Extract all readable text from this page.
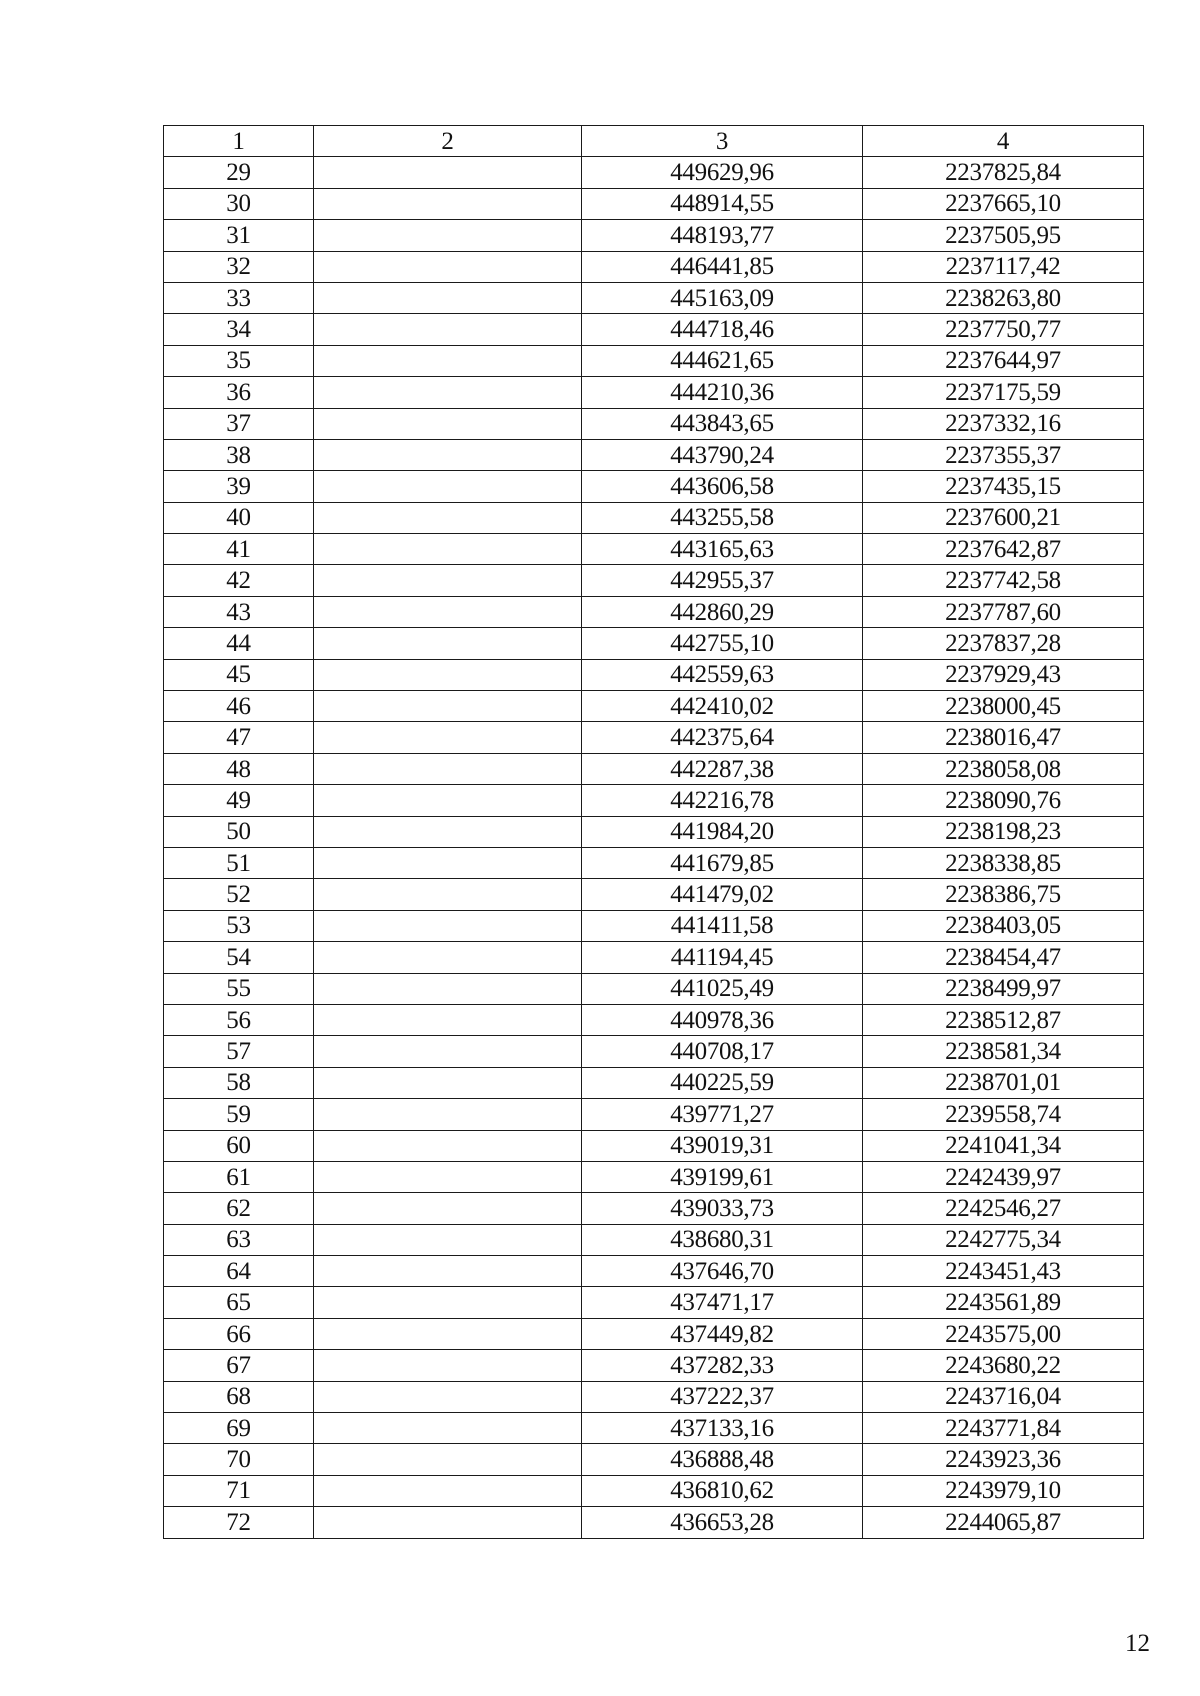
1	2	3	4
29		449629,96	2237825,84
30		448914,55	2237665,10
31		448193,77	2237505,95
32		446441,85	2237117,42
33		445163,09	2238263,80
34		444718,46	2237750,77
35		444621,65	2237644,97
36		444210,36	2237175,59
37		443843,65	2237332,16
38		443790,24	2237355,37
39		443606,58	2237435,15
40		443255,58	2237600,21
41		443165,63	2237642,87
42		442955,37	2237742,58
43		442860,29	2237787,60
44		442755,10	2237837,28
45		442559,63	2237929,43
46		442410,02	2238000,45
47		442375,64	2238016,47
48		442287,38	2238058,08
49		442216,78	2238090,76
50		441984,20	2238198,23
51		441679,85	2238338,85
52		441479,02	2238386,75
53		441411,58	2238403,05
54		441194,45	2238454,47
55		441025,49	2238499,97
56		440978,36	2238512,87
57		440708,17	2238581,34
58		440225,59	2238701,01
59		439771,27	2239558,74
60		439019,31	2241041,34
61		439199,61	2242439,97
62		439033,73	2242546,27
63		438680,31	2242775,34
64		437646,70	2243451,43
65		437471,17	2243561,89
66		437449,82	2243575,00
67		437282,33	2243680,22
68		437222,37	2243716,04
69		437133,16	2243771,84
70		436888,48	2243923,36
71		436810,62	2243979,10
72		436653,28	2244065,87
12
